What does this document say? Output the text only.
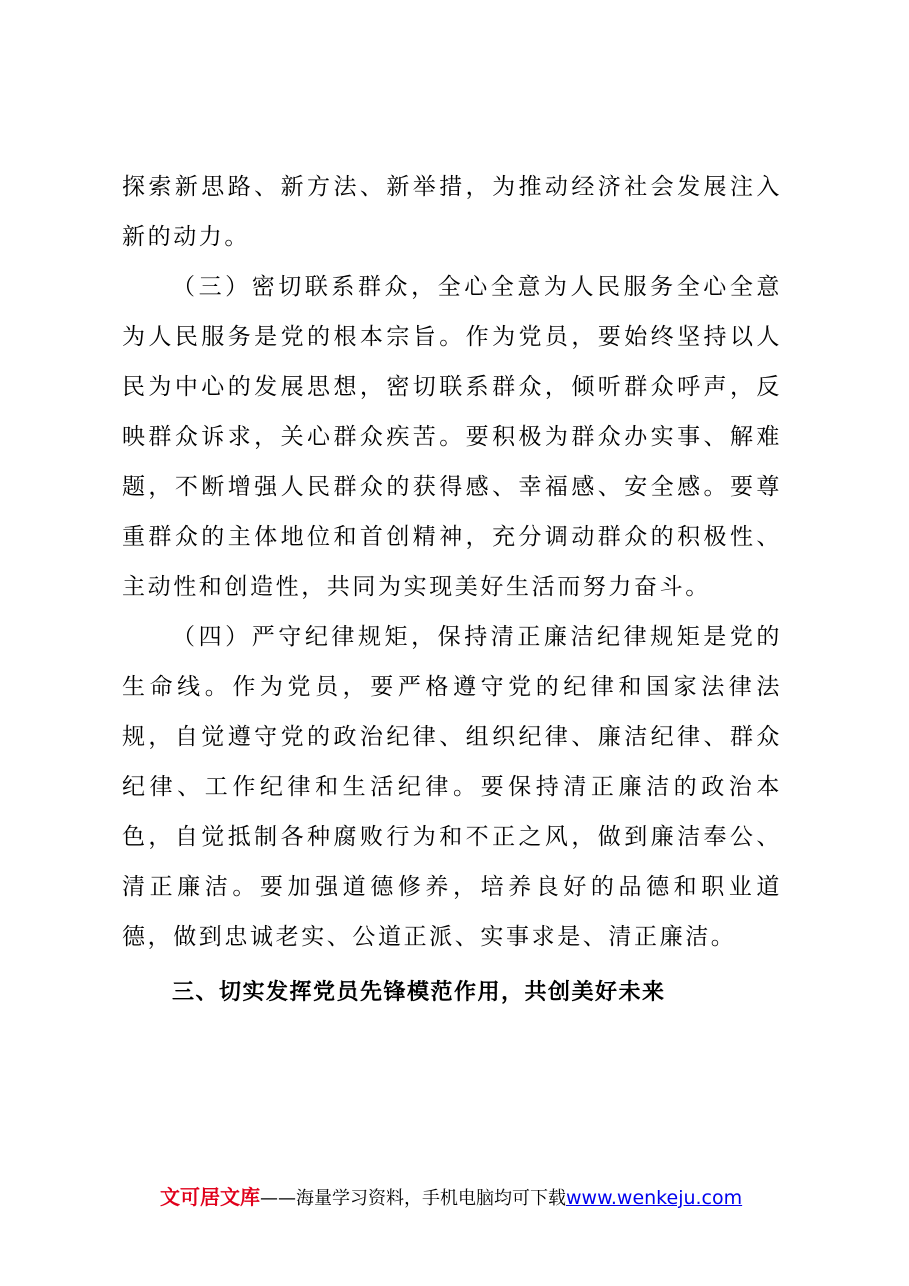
探索新思路、新方法、新举措，为推动经济社会发展注入新的动力。

（三）密切联系群众，全心全意为人民服务全心全意为人民服务是党的根本宗旨。作为党员，要始终坚持以人民为中心的发展思想，密切联系群众，倾听群众呼声，反映群众诉求，关心群众疾苦。要积极为群众办实事、解难题，不断增强人民群众的获得感、幸福感、安全感。要尊重群众的主体地位和首创精神，充分调动群众的积极性、主动性和创造性，共同为实现美好生活而努力奋斗。

（四）严守纪律规矩，保持清正廉洁纪律规矩是党的生命线。作为党员，要严格遵守党的纪律和国家法律法规，自觉遵守党的政治纪律、组织纪律、廉洁纪律、群众纪律、工作纪律和生活纪律。要保持清正廉洁的政治本色，自觉抵制各种腐败行为和不正之风，做到廉洁奉公、清正廉洁。要加强道德修养，培养良好的品德和职业道德，做到忠诚老实、公道正派、实事求是、清正廉洁。

三、切实发挥党员先锋模范作用，共创美好未来
文可居文库——海量学习资料，手机电脑均可下载www.wenkeju.com
